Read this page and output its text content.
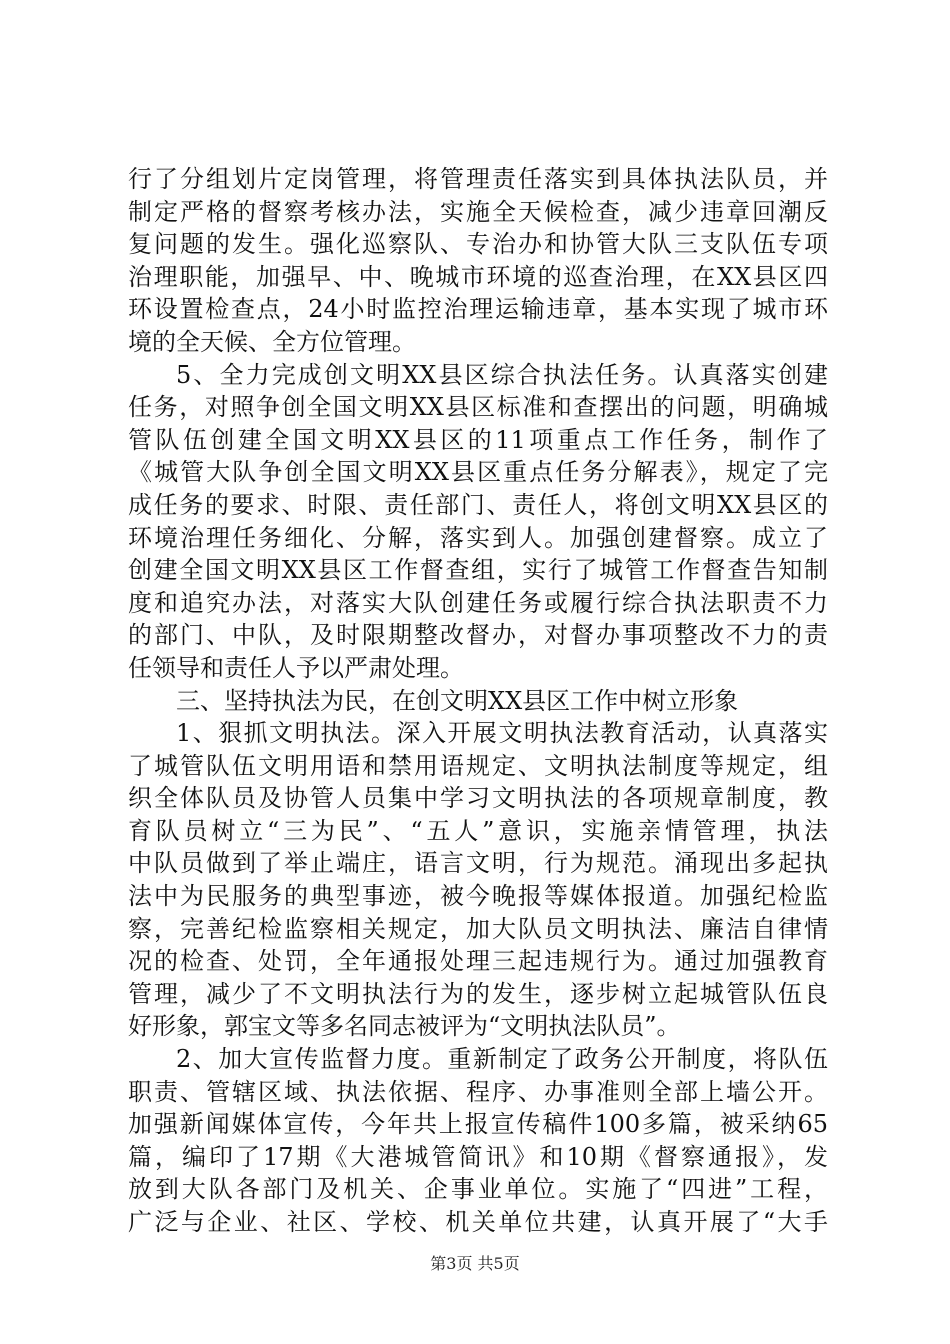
行了分组划片定岗管理，将管理责任落实到具体执法队员，并
制定严格的督察考核办法，实施全天候检查，减少违章回潮反
复问题的发生。强化巡察队、专治办和协管大队三支队伍专项
治理职能，加强早、中、晚城市环境的巡查治理，在XX县区四
环设置检查点，24小时监控治理运输违章，基本实现了城市环
境的全天候、全方位管理。
5、全力完成创文明XX县区综合执法任务。认真落实创建
任务，对照争创全国文明XX县区标准和查摆出的问题，明确城
管队伍创建全国文明XX县区的11项重点工作任务，制作了
《城管大队争创全国文明XX县区重点任务分解表》，规定了完
成任务的要求、时限、责任部门、责任人，将创文明XX县区的
环境治理任务细化、分解，落实到人。加强创建督察。成立了
创建全国文明XX县区工作督查组，实行了城管工作督查告知制
度和追究办法，对落实大队创建任务或履行综合执法职责不力
的部门、中队，及时限期整改督办，对督办事项整改不力的责
任领导和责任人予以严肃处理。
三、坚持执法为民，在创文明XX县区工作中树立形象
1、狠抓文明执法。深入开展文明执法教育活动，认真落实
了城管队伍文明用语和禁用语规定、文明执法制度等规定，组
织全体队员及协管人员集中学习文明执法的各项规章制度，教
育队员树立“三为民”、“五人”意识，实施亲情管理，执法
中队员做到了举止端庄，语言文明，行为规范。涌现出多起执
法中为民服务的典型事迹，被今晚报等媒体报道。加强纪检监
察，完善纪检监察相关规定，加大队员文明执法、廉洁自律情
况的检查、处罚，全年通报处理三起违规行为。通过加强教育
管理，减少了不文明执法行为的发生，逐步树立起城管队伍良
好形象，郭宝文等多名同志被评为“文明执法队员”。
2、加大宣传监督力度。重新制定了政务公开制度，将队伍
职责、管辖区域、执法依据、程序、办事准则全部上墙公开。
加强新闻媒体宣传，今年共上报宣传稿件100多篇，被采纳65
篇，编印了17期《大港城管简讯》和10期《督察通报》，发
放到大队各部门及机关、企事业单位。实施了“四进”工程，
广泛与企业、社区、学校、机关单位共建，认真开展了“大手
第3页 共5页
